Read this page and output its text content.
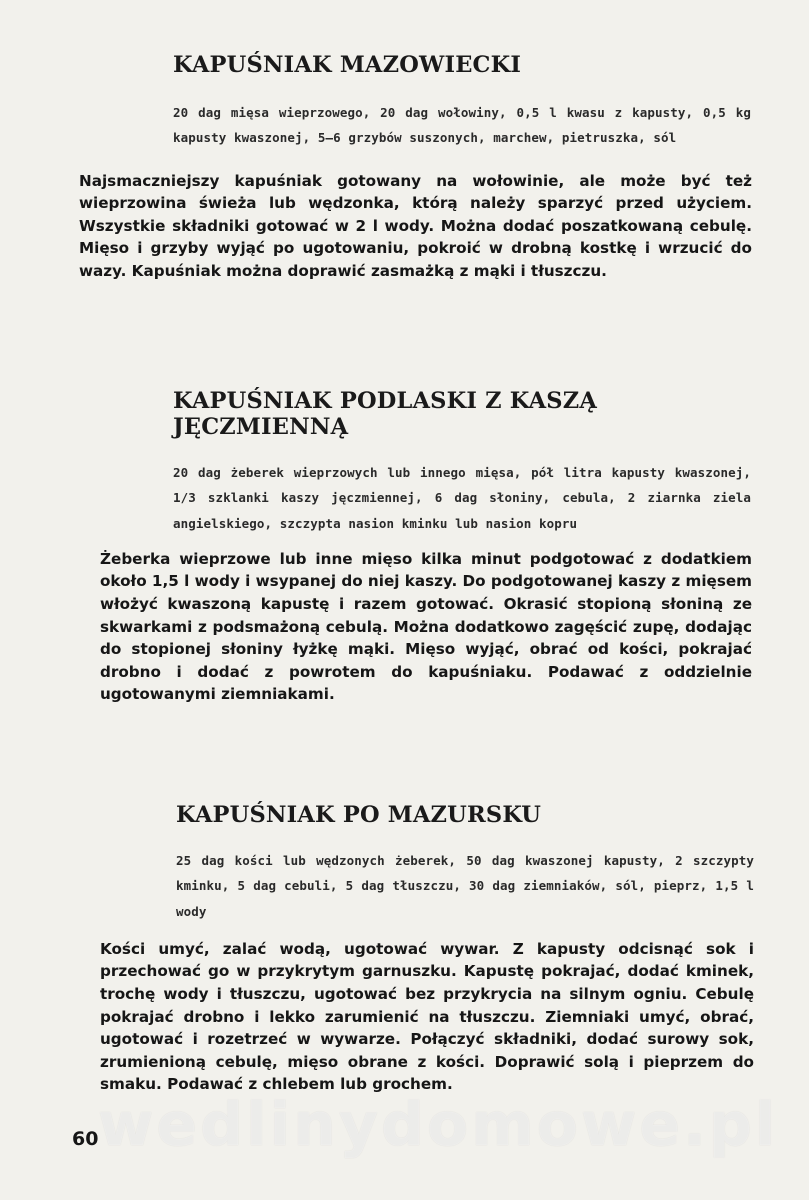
KAPUŚNIAK MAZOWIECKI

20 dag mięsa wieprzowego, 20 dag wołowiny, 0,5 l kwasu z kapusty, 0,5 kg kapusty kwaszonej, 5—6 grzybów suszonych, marchew, pietruszka, sól

Najsmaczniejszy kapuśniak gotowany na wołowinie, ale może być też wieprzowina świeża lub wędzonka, którą należy sparzyć przed użyciem. Wszystkie składniki gotować w 2 l wody. Można dodać poszatkowaną cebulę. Mięso i grzyby wyjąć po ugotowaniu, pokroić w drobną kostkę i wrzucić do wazy. Kapuśniak można doprawić zasmażką z mąki i tłuszczu.

KAPUŚNIAK PODLASKI Z KASZĄ
JĘCZMIENNĄ

20 dag żeberek wieprzowych lub innego mięsa, pół litra kapusty kwaszonej, 1/3 szklanki kaszy jęczmiennej, 6 dag słoniny, cebula, 2 ziarnka ziela angielskiego, szczypta nasion kminku lub nasion kopru

Żeberka wieprzowe lub inne mięso kilka minut podgotować z dodatkiem około 1,5 l wody i wsypanej do niej kaszy. Do podgotowanej kaszy z mięsem włożyć kwaszoną kapustę i razem gotować. Okrasić stopioną słoniną ze skwarkami z podsmażoną cebulą. Można dodatkowo zagęścić zupę, dodając do stopionej słoniny łyżkę mąki. Mięso wyjąć, obrać od kości, pokrajać drobno i dodać z powrotem do kapuśniaku. Podawać z oddzielnie ugotowanymi ziemniakami.

KAPUŚNIAK PO MAZURSKU

25 dag kości lub wędzonych żeberek, 50 dag kwaszonej kapusty, 2 szczypty kminku, 5 dag cebuli, 5 dag tłuszczu, 30 dag ziemniaków, sól, pieprz, 1,5 l wody

Kości umyć, zalać wodą, ugotować wywar. Z kapusty odcisnąć sok i przechować go w przykrytym garnuszku. Kapustę pokrajać, dodać kminek, trochę wody i tłuszczu, ugotować bez przykrycia na silnym ogniu. Cebulę pokrajać drobno i lekko zarumienić na tłuszczu. Ziemniaki umyć, obrać, ugotować i rozetrzeć w wywarze. Połączyć składniki, dodać surowy sok, zrumienioną cebulę, mięso obrane z kości. Doprawić solą i pieprzem do smaku. Podawać z chlebem lub grochem.

wedlinydomowe.pl
60
